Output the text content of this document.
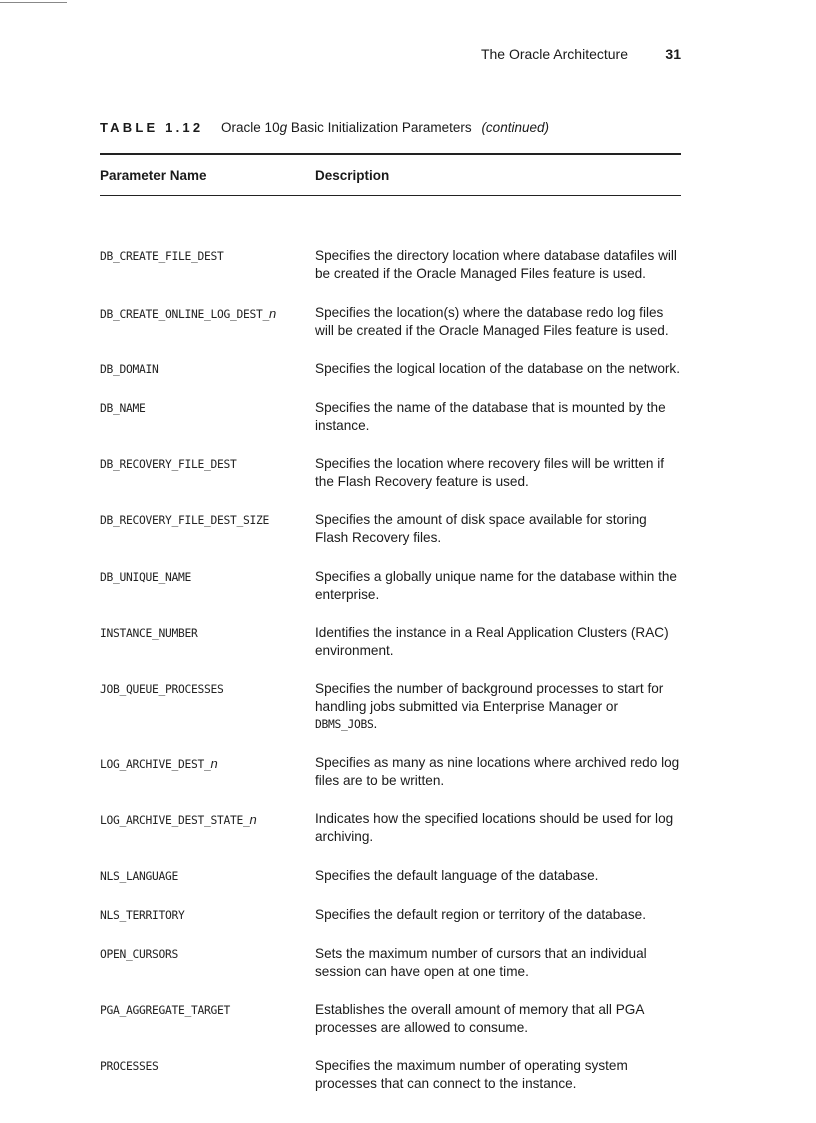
The Oracle Architecture	31
TABLE 1.12 Oracle 10g Basic Initialization Parameters (continued)
Parameter Name	Description
DB_CREATE_FILE_DEST	Specifies the directory location where database datafiles will be created if the Oracle Managed Files feature is used.
DB_CREATE_ONLINE_LOG_DEST_n	Specifies the location(s) where the database redo log files will be created if the Oracle Managed Files feature is used.
DB_DOMAIN	Specifies the logical location of the database on the network.
DB_NAME	Specifies the name of the database that is mounted by the instance.
DB_RECOVERY_FILE_DEST	Specifies the location where recovery files will be written if the Flash Recovery feature is used.
DB_RECOVERY_FILE_DEST_SIZE	Specifies the amount of disk space available for storing Flash Recovery files.
DB_UNIQUE_NAME	Specifies a globally unique name for the database within the enterprise.
INSTANCE_NUMBER	Identifies the instance in a Real Application Clusters (RAC) environment.
JOB_QUEUE_PROCESSES	Specifies the number of background processes to start for handling jobs submitted via Enterprise Manager or DBMS_JOBS.
LOG_ARCHIVE_DEST_n	Specifies as many as nine locations where archived redo log files are to be written.
LOG_ARCHIVE_DEST_STATE_n	Indicates how the specified locations should be used for log archiving.
NLS_LANGUAGE	Specifies the default language of the database.
NLS_TERRITORY	Specifies the default region or territory of the database.
OPEN_CURSORS	Sets the maximum number of cursors that an individual session can have open at one time.
PGA_AGGREGATE_TARGET	Establishes the overall amount of memory that all PGA processes are allowed to consume.
PROCESSES	Specifies the maximum number of operating system processes that can connect to the instance.
